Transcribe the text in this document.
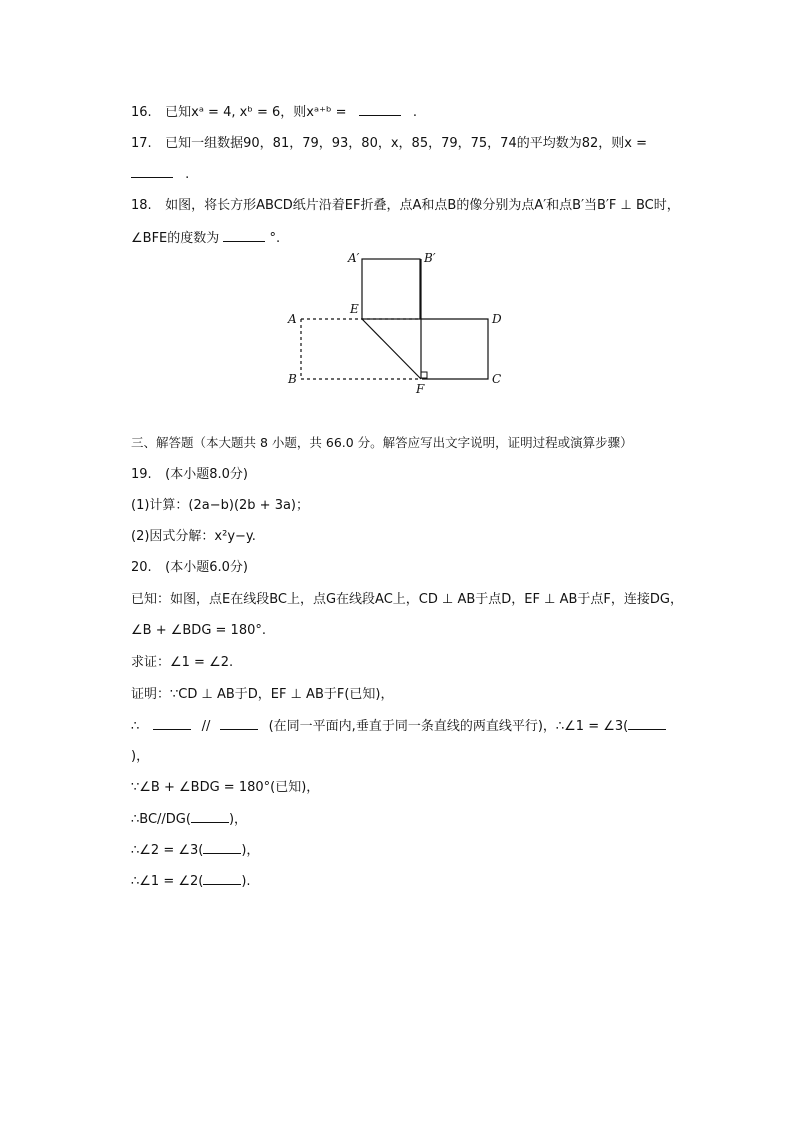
16. 已知xᵃ = 4, xᵇ = 6，则xᵃ⁺ᵇ =	.
17. 已知一组数据90，81，79，93，80，x，85，79，75，74的平均数为82，则x =
.
18. 如图，将长方形ABCD纸片沿着EF折叠，点A和点B的像分别为点A′和点B′当B′F ⊥ BC时，
∠BFE的度数为	°.
A′	B′
A
E
D
B
F
C
三、解答题（本大题共 8 小题，共 66.0 分。解答应写出文字说明，证明过程或演算步骤）
19. (本小题8.0分)
(1)计算：(2a−b)(2b + 3a)；
(2)因式分解：x²y−y.
20. (本小题6.0分)
已知：如图，点E在线段BC上，点G在线段AC上，CD ⊥ AB于点D，EF ⊥ AB于点F，连接DG，
∠B + ∠BDG = 180°.
求证：∠1 = ∠2.
证明：∵CD ⊥ AB于D，EF ⊥ AB于F(已知)，
∴	//	(在同一平面内,垂直于同一条直线的两直线平行)，∴∠1 = ∠3(
)，
∵∠B + ∠BDG = 180°(已知)，
∴BC//DG(	)，
∴∠2 = ∠3(	)，
∴∠1 = ∠2(	).
